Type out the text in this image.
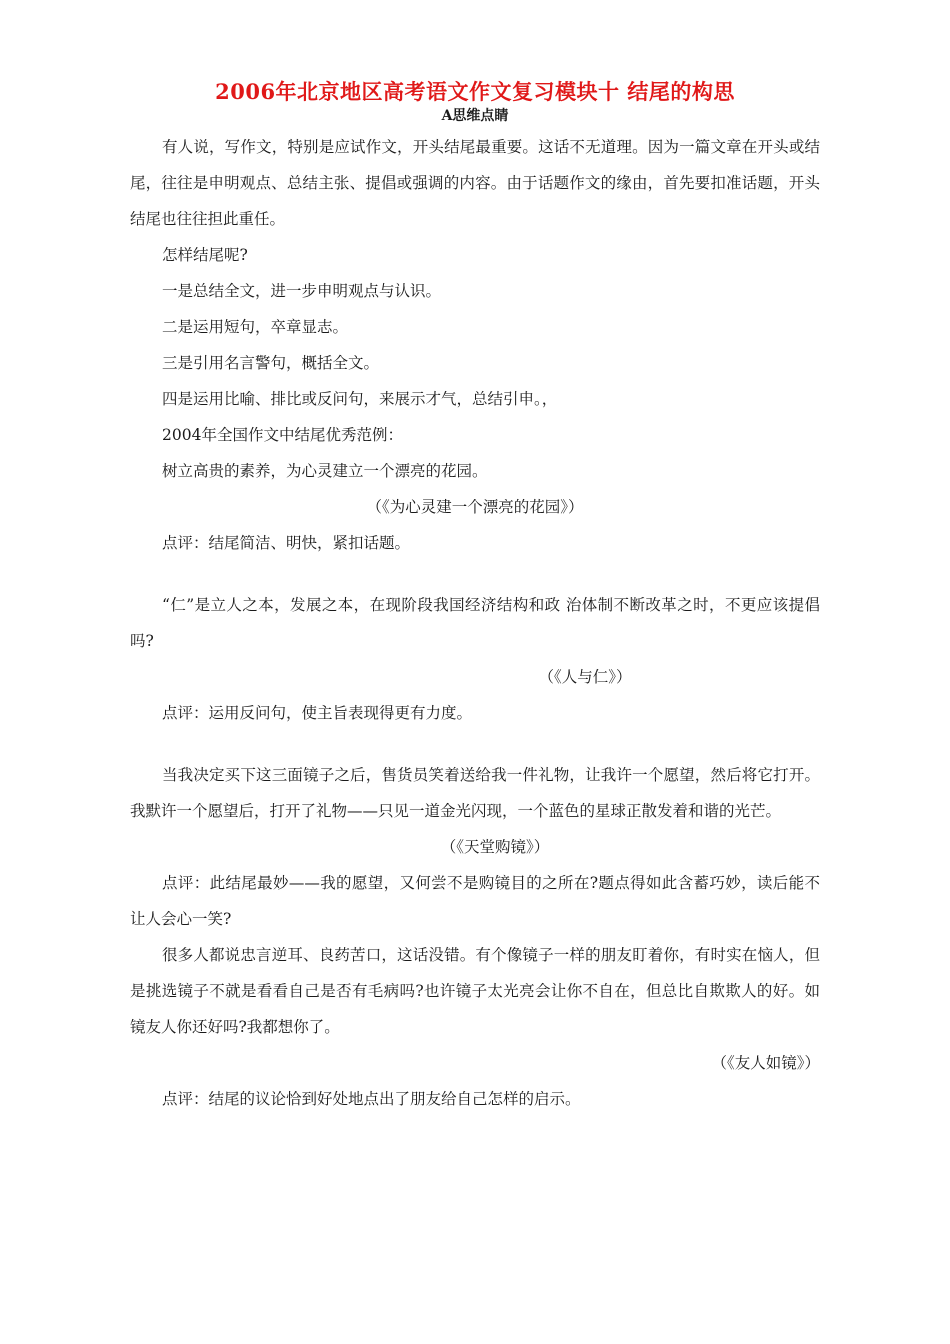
2006年北京地区高考语文作文复习模块十 结尾的构思
A思维点睛

有人说，写作文，特别是应试作文，开头结尾最重要。这话不无道理。因为一篇文章在开头或结尾，往往是申明观点、总结主张、提倡或强调的内容。由于话题作文的缘由，首先要扣准话题，开头结尾也往往担此重任。

怎样结尾呢?

一是总结全文，进一步申明观点与认识。

二是运用短句，卒章显志。

三是引用名言警句，概括全文。

四是运用比喻、排比或反问句，来展示才气，总结引申。，

2004年全国作文中结尾优秀范例：

树立高贵的素养，为心灵建立一个漂亮的花园。

（《为心灵建一个漂亮的花园》）

点评：结尾简洁、明快，紧扣话题。

“仁”是立人之本，发展之本，在现阶段我国经济结构和政 治体制不断改革之时，不更应该提倡吗?

（《人与仁》）

点评：运用反问句，使主旨表现得更有力度。

当我决定买下这三面镜子之后，售货员笑着送给我一件礼物，让我许一个愿望，然后将它打开。我默许一个愿望后，打开了礼物——只见一道金光闪现，一个蓝色的星球正散发着和谐的光芒。

（《天堂购镜》）

点评：此结尾最妙——我的愿望，又何尝不是购镜目的之所在?题点得如此含蓄巧妙，读后能不让人会心一笑?

很多人都说忠言逆耳、良药苦口，这话没错。有个像镜子一样的朋友盯着你，有时实在恼人，但是挑选镜子不就是看看自己是否有毛病吗?也许镜子太光亮会让你不自在，但总比自欺欺人的好。如镜友人你还好吗?我都想你了。

（《友人如镜》）

点评：结尾的议论恰到好处地点出了朋友给自己怎样的启示。
